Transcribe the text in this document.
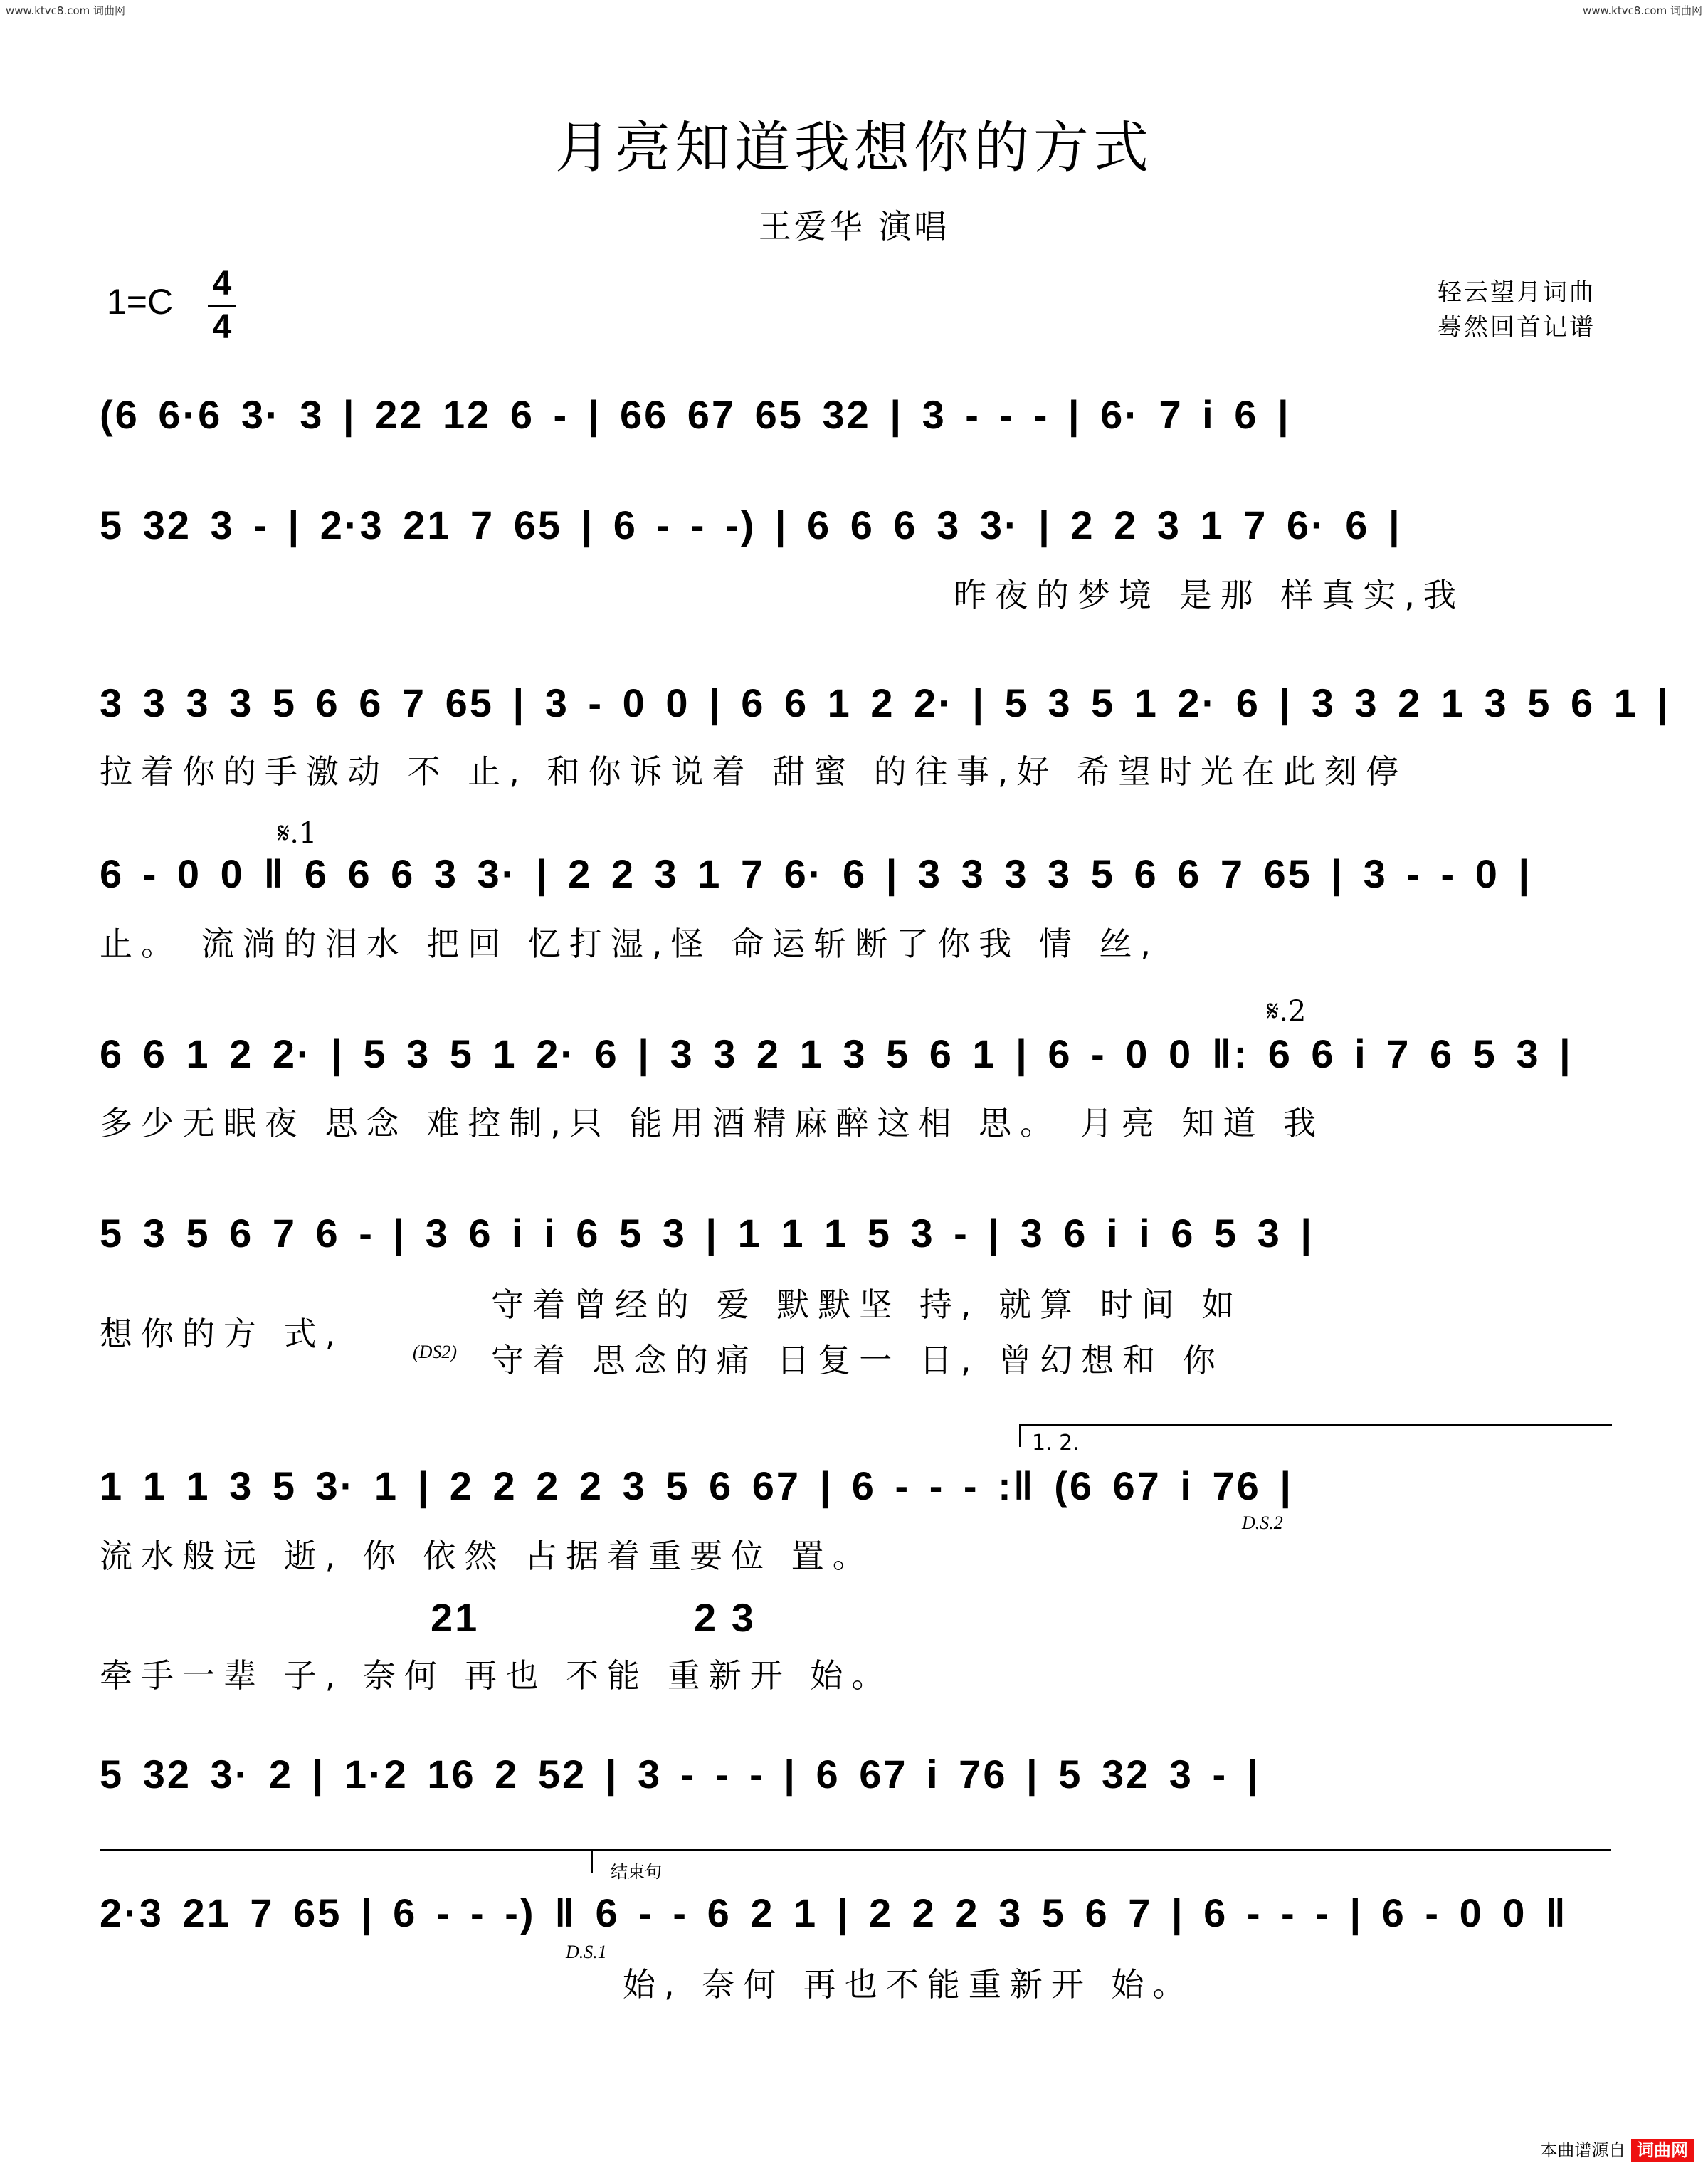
www.ktvc8.com 词曲网	www.ktvc8.com 词曲网
月亮知道我想你的方式
王爱华 演唱
1=C 4
4
轻云望月词曲
蓦然回首记谱
(6 6·6 3· 3 | 22 12 6 - | 66 67 65 32 | 3 - - - | 6· 7 i 6 |
5 32 3 - | 2·3 21 7 65 | 6 - - -) | 6 6 6 3 3· | 2 2 3 1 7 6· 6 |
昨夜的梦境 是那 样真实,我
3 3 3 3 5 6 6 7 65 | 3 - 0 0 | 6 6 1 2 2· | 5 3 5 1 2· 6 | 3 3 2 1 3 5 6 1 |
拉着你的手激动 不 止, 和你诉说着 甜蜜 的往事,好 希望时光在此刻停
𝄋.1
6 - 0 0 ‖ 6 6 6 3 3· | 2 2 3 1 7 6· 6 | 3 3 3 3 5 6 6 7 65 | 3 - - 0 |
止。 流淌的泪水 把回 忆打湿,怪 命运斩断了你我 情 丝,
𝄋.2
6 6 1 2 2· | 5 3 5 1 2· 6 | 3 3 2 1 3 5 6 1 | 6 - 0 0 ‖: 6 6 i 7 6 5 3 |
多少无眠夜 思念 难控制,只 能用酒精麻醉这相 思。 月亮 知道 我
5 3 5 6 7 6 - | 3 6 i i 6 5 3 | 1 1 1 5 3 - | 3 6 i i 6 5 3 |
想你的方 式,
守着曾经的 爱 默默坚 持, 就算 时间 如
(DS2) 守着 思念的痛 日复一 日, 曾幻想和 你
1. 2.
1 1 1 3 5 3· 1 | 2 2 2 2 3 5 6 67 | 6 - - - :‖ (6 67 i 76 |
D.S.2
流水般远 逝, 你 依然 占据着重要位 置。
21	2 3
牵手一辈 子, 奈何 再也 不能 重新开 始。
5 32 3· 2 | 1·2 16 2 52 | 3 - - - | 6 67 i 76 | 5 32 3 - |
结束句
2·3 21 7 65 | 6 - - -) ‖ 6 - - 6 2 1 | 2 2 2 3 5 6 7 | 6 - - - | 6 - 0 0 ‖
D.S.1
始, 奈何 再也不能重新开 始。
本曲谱源自 词曲网
